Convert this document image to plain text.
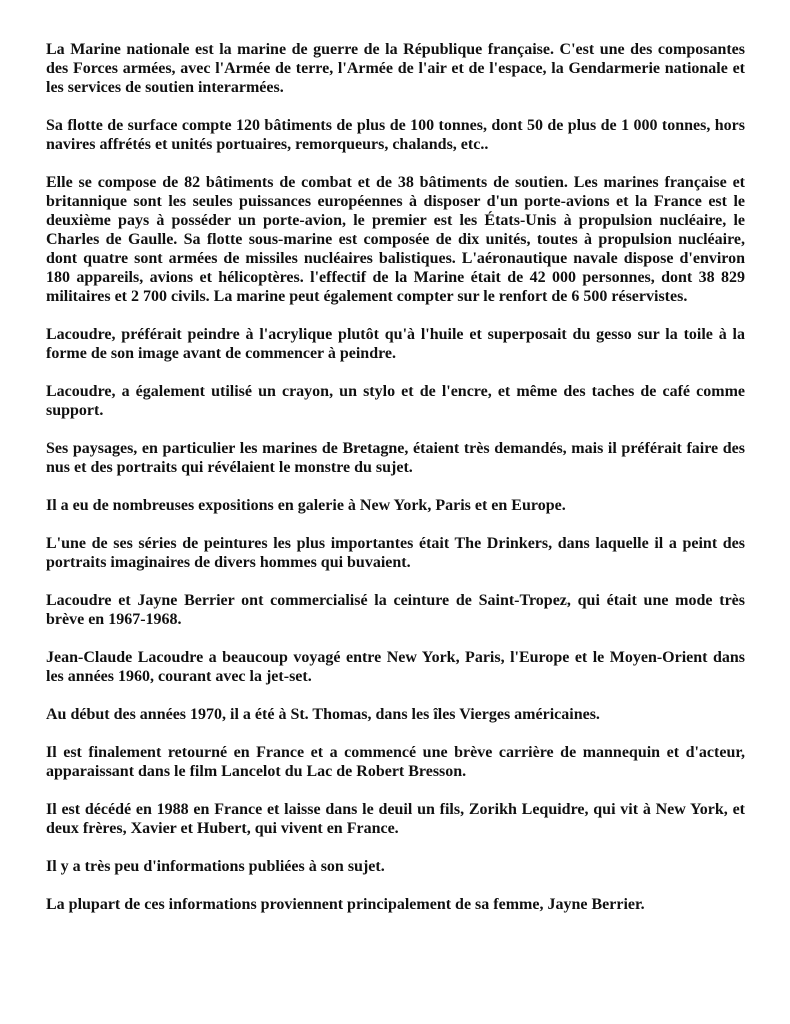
La Marine nationale est la marine de guerre de la République française. C'est une des composantes des Forces armées, avec l'Armée de terre, l'Armée de l'air et de l'espace, la Gendarmerie nationale et les services de soutien interarmées.

Sa flotte de surface compte 120 bâtiments de plus de 100 tonnes, dont 50 de plus de 1 000 tonnes, hors navires affrétés et unités portuaires, remorqueurs, chalands, etc..

Elle se compose de 82 bâtiments de combat et de 38 bâtiments de soutien. Les marines française et britannique sont les seules puissances européennes à disposer d'un porte-avions et la France est le deuxième pays à posséder un porte-avion, le premier est les États-Unis à propulsion nucléaire, le Charles de Gaulle. Sa flotte sous-marine est composée de dix unités, toutes à propulsion nucléaire, dont quatre sont armées de missiles nucléaires balistiques. L'aéronautique navale dispose d'environ 180 appareils, avions et hélicoptères. l'effectif de la Marine était de 42 000 personnes, dont 38 829 militaires et 2 700 civils. La marine peut également compter sur le renfort de 6 500 réservistes.

Lacoudre, préférait peindre à l'acrylique plutôt qu'à l'huile et superposait du gesso sur la toile à la forme de son image avant de commencer à peindre.

Lacoudre, a également utilisé un crayon, un stylo et de l'encre, et même des taches de café comme support.

Ses paysages, en particulier les marines de Bretagne, étaient très demandés, mais il préférait faire des nus et des portraits qui révélaient le monstre du sujet.

Il a eu de nombreuses expositions en galerie à New York, Paris et en Europe.

L'une de ses séries de peintures les plus importantes était The Drinkers, dans laquelle il a peint des portraits imaginaires de divers hommes qui buvaient.

Lacoudre et Jayne Berrier ont commercialisé la ceinture de Saint-Tropez, qui était une mode très brève en 1967-1968.

Jean-Claude Lacoudre a beaucoup voyagé entre New York, Paris, l'Europe et le Moyen-Orient dans les années 1960, courant avec la jet-set.

Au début des années 1970, il a été à St. Thomas, dans les îles Vierges américaines.

Il est finalement retourné en France et a commencé une brève carrière de mannequin et d'acteur, apparaissant dans le film Lancelot du Lac de Robert Bresson.

Il est décédé en 1988 en France et laisse dans le deuil un fils, Zorikh Lequidre, qui vit à New York, et deux frères, Xavier et Hubert, qui vivent en France.

Il y a très peu d'informations publiées à son sujet.

La plupart de ces informations proviennent principalement de sa femme, Jayne Berrier.
